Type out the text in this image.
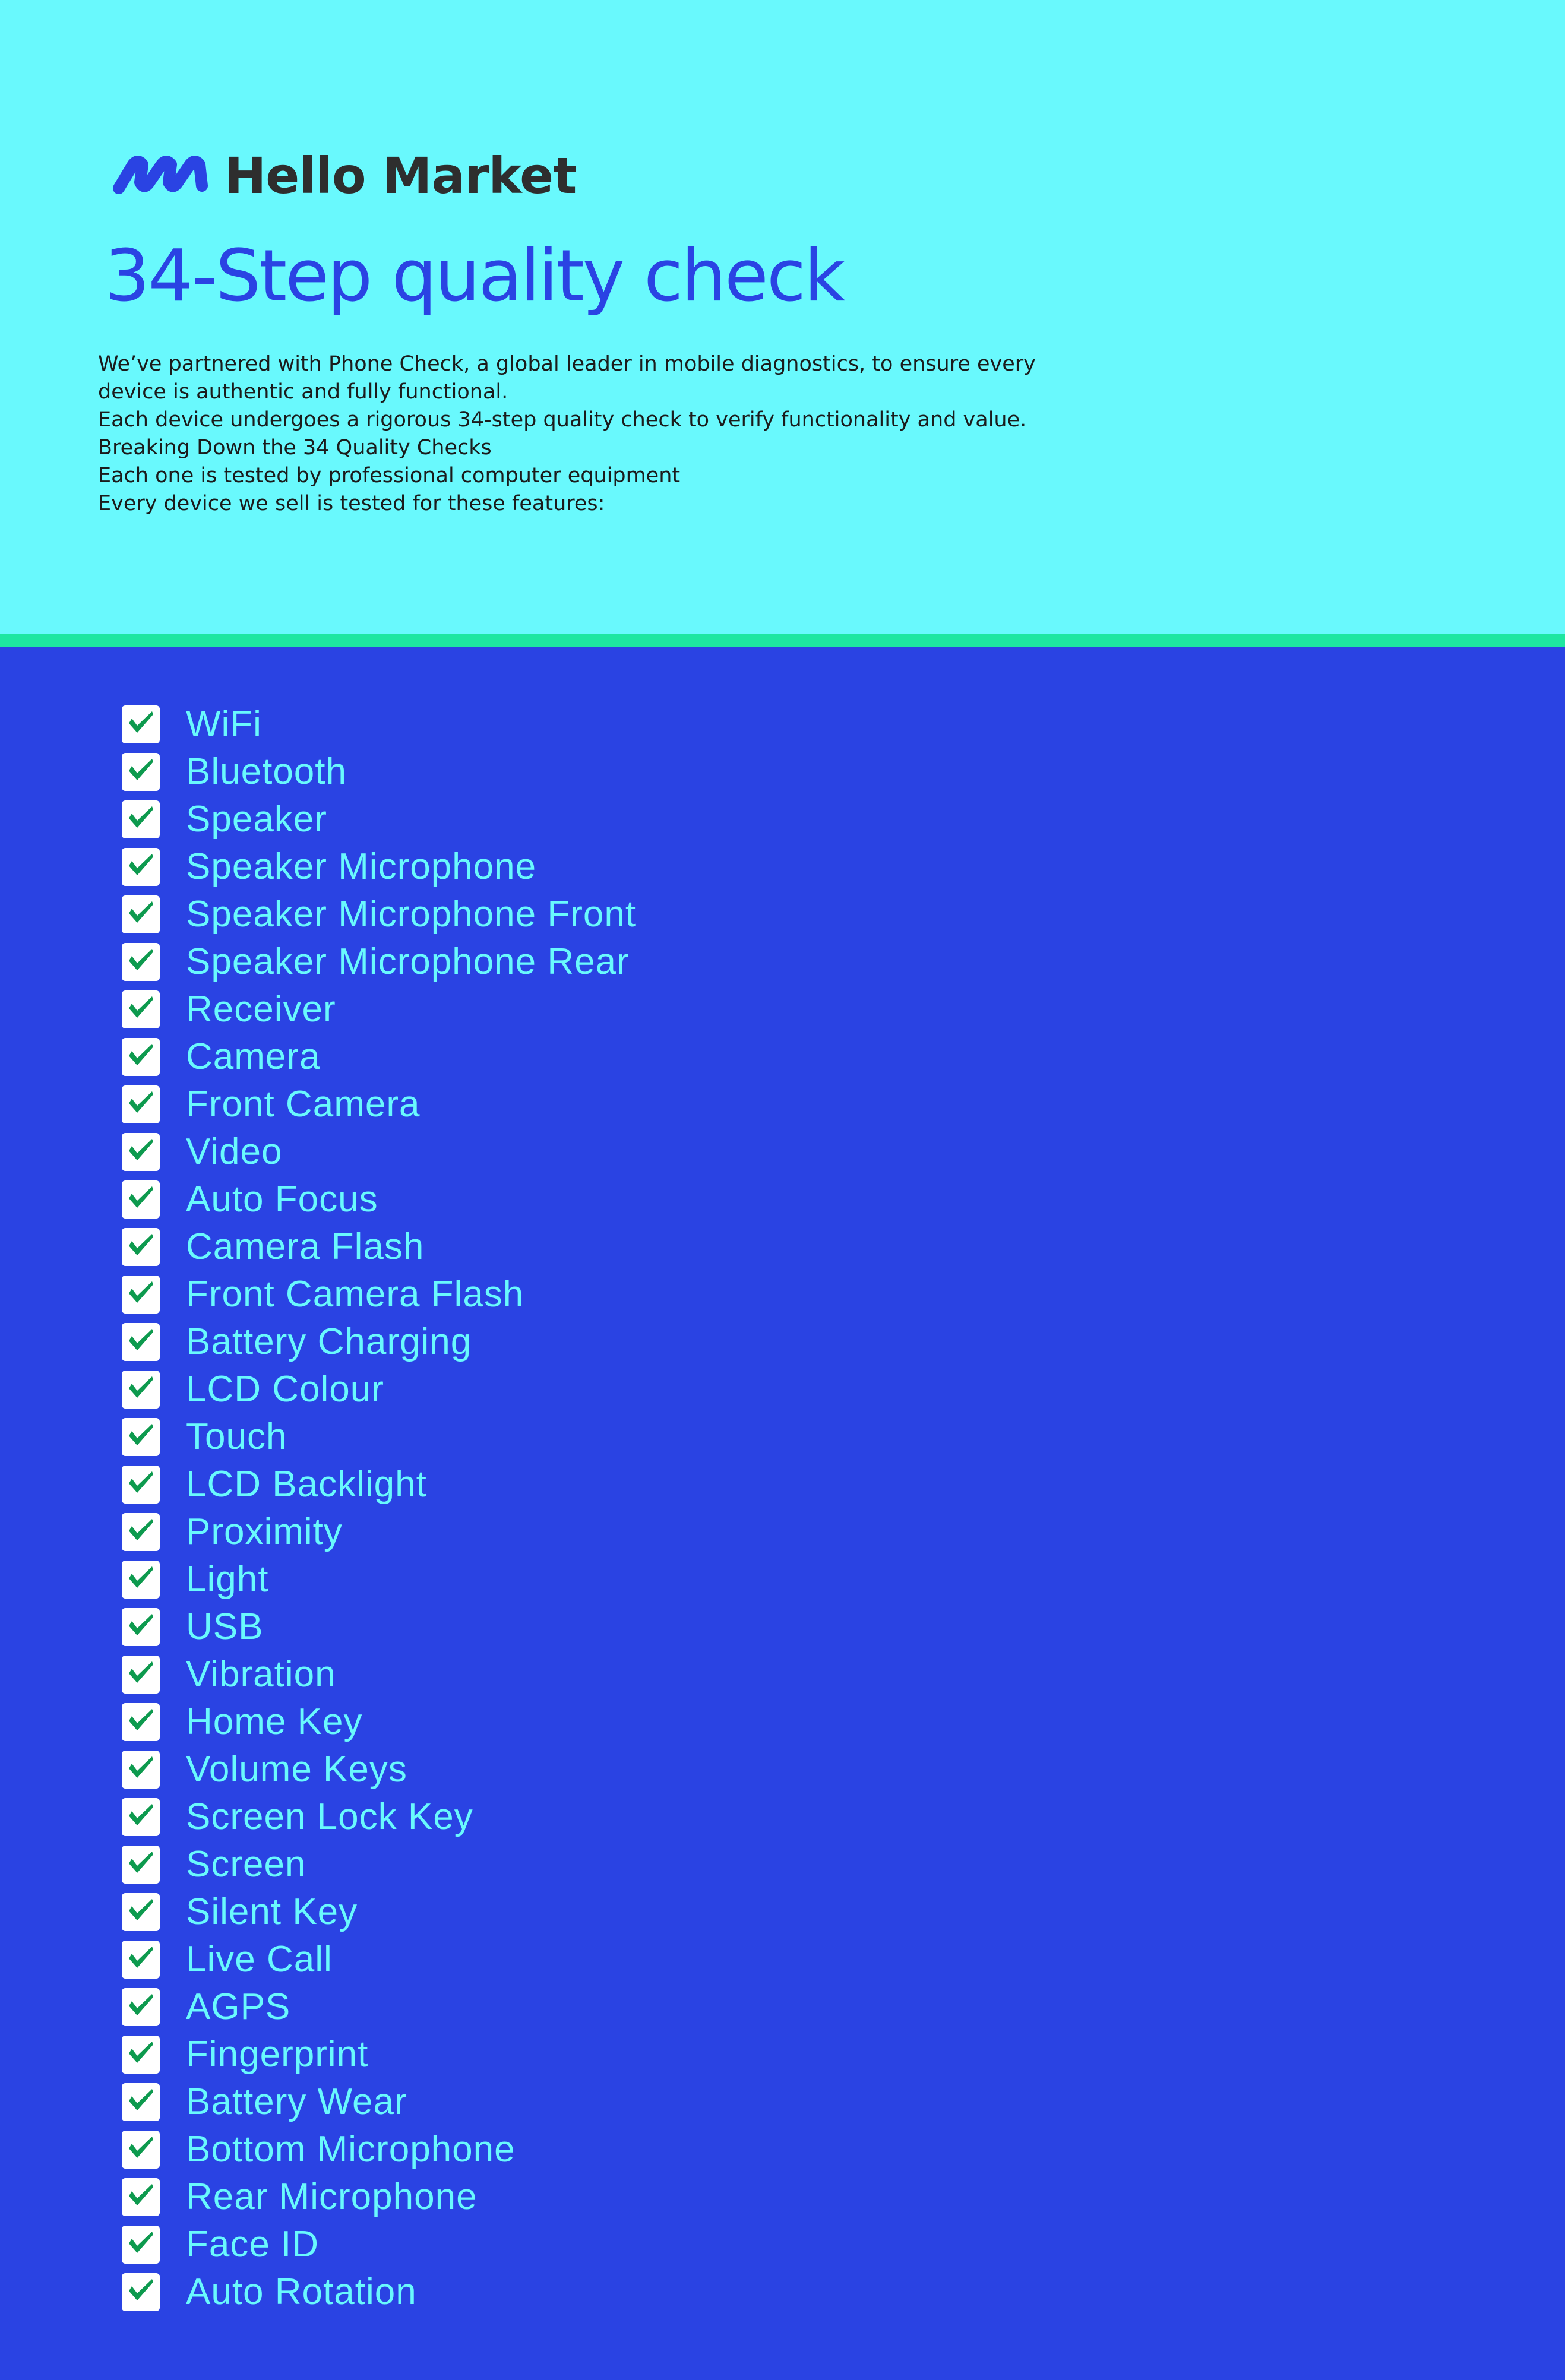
Hello Market
34-Step quality check

We’ve partnered with Phone Check, a global leader in mobile diagnostics, to ensure every device is authentic and fully functional.

Each device undergoes a rigorous 34-step quality check to verify functionality and value.

Breaking Down the 34 Quality Checks

Each one is tested by professional computer equipment

Every device we sell is tested for these features:

WiFi
Bluetooth
Speaker
Speaker Microphone
Speaker Microphone Front
Speaker Microphone Rear
Receiver
Camera
Front Camera
Video
Auto Focus
Camera Flash
Front Camera Flash
Battery Charging
LCD Colour
Touch
LCD Backlight
Proximity
Light
USB
Vibration
Home Key
Volume Keys
Screen Lock Key
Screen
Silent Key
Live Call
AGPS
Fingerprint
Battery Wear
Bottom Microphone
Rear Microphone
Face ID
Auto Rotation
